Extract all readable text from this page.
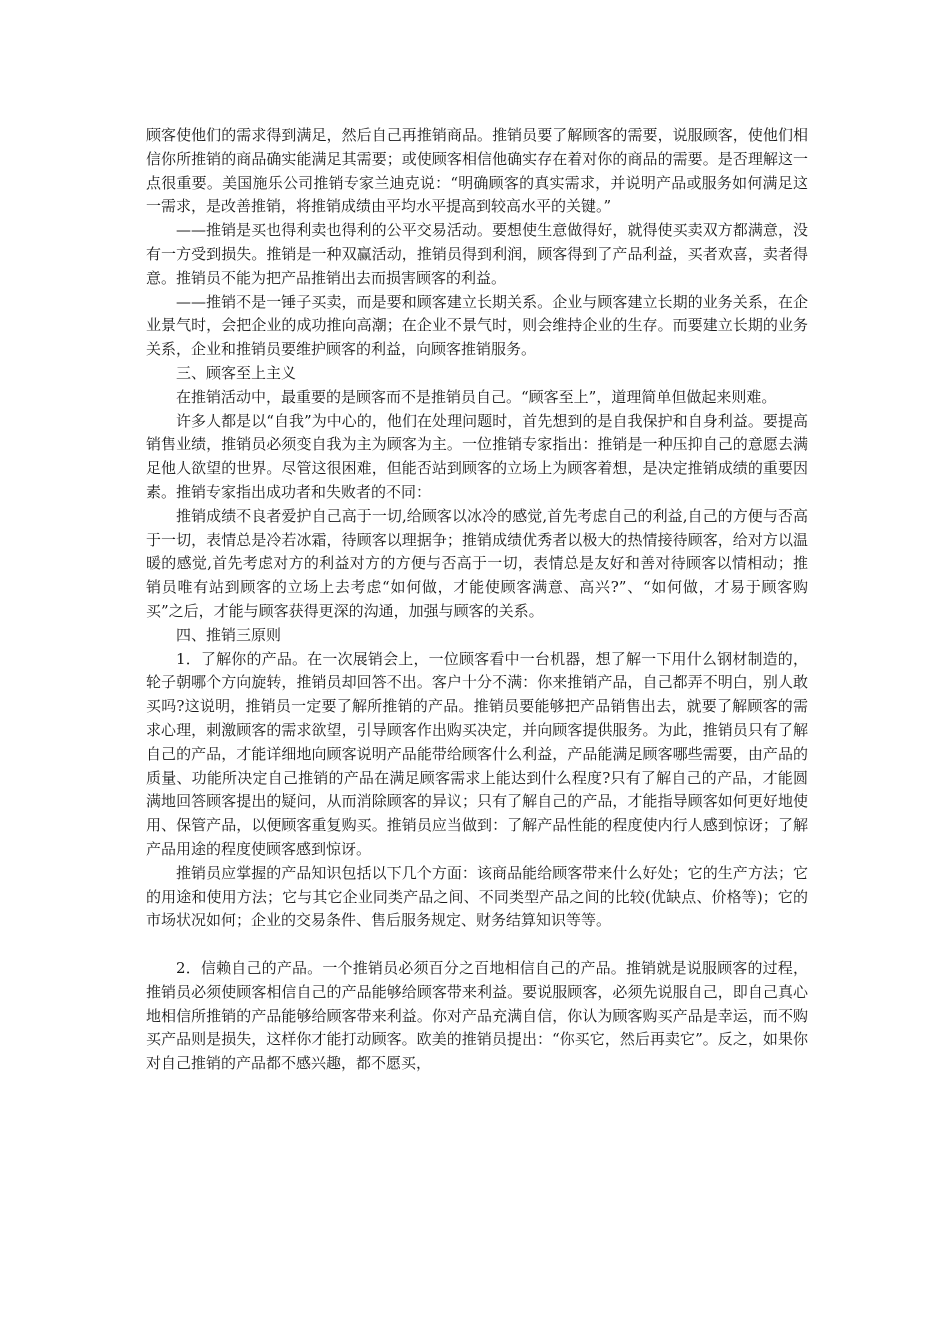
顾客使他们的需求得到满足，然后自己再推销商品。推销员要了解顾客的需要，说服顾客，使他们相信你所推销的商品确实能满足其需要；或使顾客相信他确实存在着对你的商品的需要。是否理解这一点很重要。美国施乐公司推销专家兰迪克说：“明确顾客的真实需求，并说明产品或服务如何满足这一需求，是改善推销，将推销成绩由平均水平提高到较高水平的关键。”

——推销是买也得利卖也得利的公平交易活动。要想使生意做得好，就得使买卖双方都满意，没有一方受到损失。推销是一种双赢活动，推销员得到利润，顾客得到了产品利益，买者欢喜，卖者得意。推销员不能为把产品推销出去而损害顾客的利益。

——推销不是一锤子买卖，而是要和顾客建立长期关系。企业与顾客建立长期的业务关系，在企业景气时，会把企业的成功推向高潮；在企业不景气时，则会维持企业的生存。而要建立长期的业务关系，企业和推销员要维护顾客的利益，向顾客推销服务。

三、顾客至上主义

在推销活动中，最重要的是顾客而不是推销员自己。“顾客至上”，道理简单但做起来则难。

许多人都是以“自我”为中心的，他们在处理问题时，首先想到的是自我保护和自身利益。要提高销售业绩，推销员必须变自我为主为顾客为主。一位推销专家指出：推销是一种压抑自己的意愿去满足他人欲望的世界。尽管这很困难，但能否站到顾客的立场上为顾客着想，是决定推销成绩的重要因素。推销专家指出成功者和失败者的不同：

推销成绩不良者爱护自己高于一切,给顾客以冰冷的感觉,首先考虑自己的利益,自己的方便与否高于一切，表情总是冷若冰霜，待顾客以理据争；推销成绩优秀者以极大的热情接待顾客，给对方以温暖的感觉,首先考虑对方的利益对方的方便与否高于一切，表情总是友好和善对待顾客以情相动；推销员唯有站到顾客的立场上去考虑“如何做，才能使顾客满意、高兴?”、“如何做，才易于顾客购买”之后，才能与顾客获得更深的沟通，加强与顾客的关系。

四、推销三原则

1．了解你的产品。在一次展销会上，一位顾客看中一台机器，想了解一下用什么钢材制造的，轮子朝哪个方向旋转，推销员却回答不出。客户十分不满：你来推销产品，自己都弄不明白，别人敢买吗?这说明，推销员一定要了解所推销的产品。推销员要能够把产品销售出去，就要了解顾客的需求心理，刺激顾客的需求欲望，引导顾客作出购买决定，并向顾客提供服务。为此，推销员只有了解自己的产品，才能详细地向顾客说明产品能带给顾客什么利益，产品能满足顾客哪些需要，由产品的质量、功能所决定自己推销的产品在满足顾客需求上能达到什么程度?只有了解自己的产品，才能圆满地回答顾客提出的疑问，从而消除顾客的异议；只有了解自己的产品，才能指导顾客如何更好地使用、保管产品，以便顾客重复购买。推销员应当做到：了解产品性能的程度使内行人感到惊讶；了解产品用途的程度使顾客感到惊讶。

推销员应掌握的产品知识包括以下几个方面：该商品能给顾客带来什么好处；它的生产方法；它的用途和使用方法；它与其它企业同类产品之间、不同类型产品之间的比较(优缺点、价格等)；它的市场状况如何；企业的交易条件、售后服务规定、财务结算知识等等。

2．信赖自己的产品。一个推销员必须百分之百地相信自己的产品。推销就是说服顾客的过程，推销员必须使顾客相信自己的产品能够给顾客带来利益。要说服顾客，必须先说服自己，即自己真心地相信所推销的产品能够给顾客带来利益。你对产品充满自信，你认为顾客购买产品是幸运，而不购买产品则是损失，这样你才能打动顾客。欧美的推销员提出：“你买它，然后再卖它”。反之，如果你对自己推销的产品都不感兴趣，都不愿买，
